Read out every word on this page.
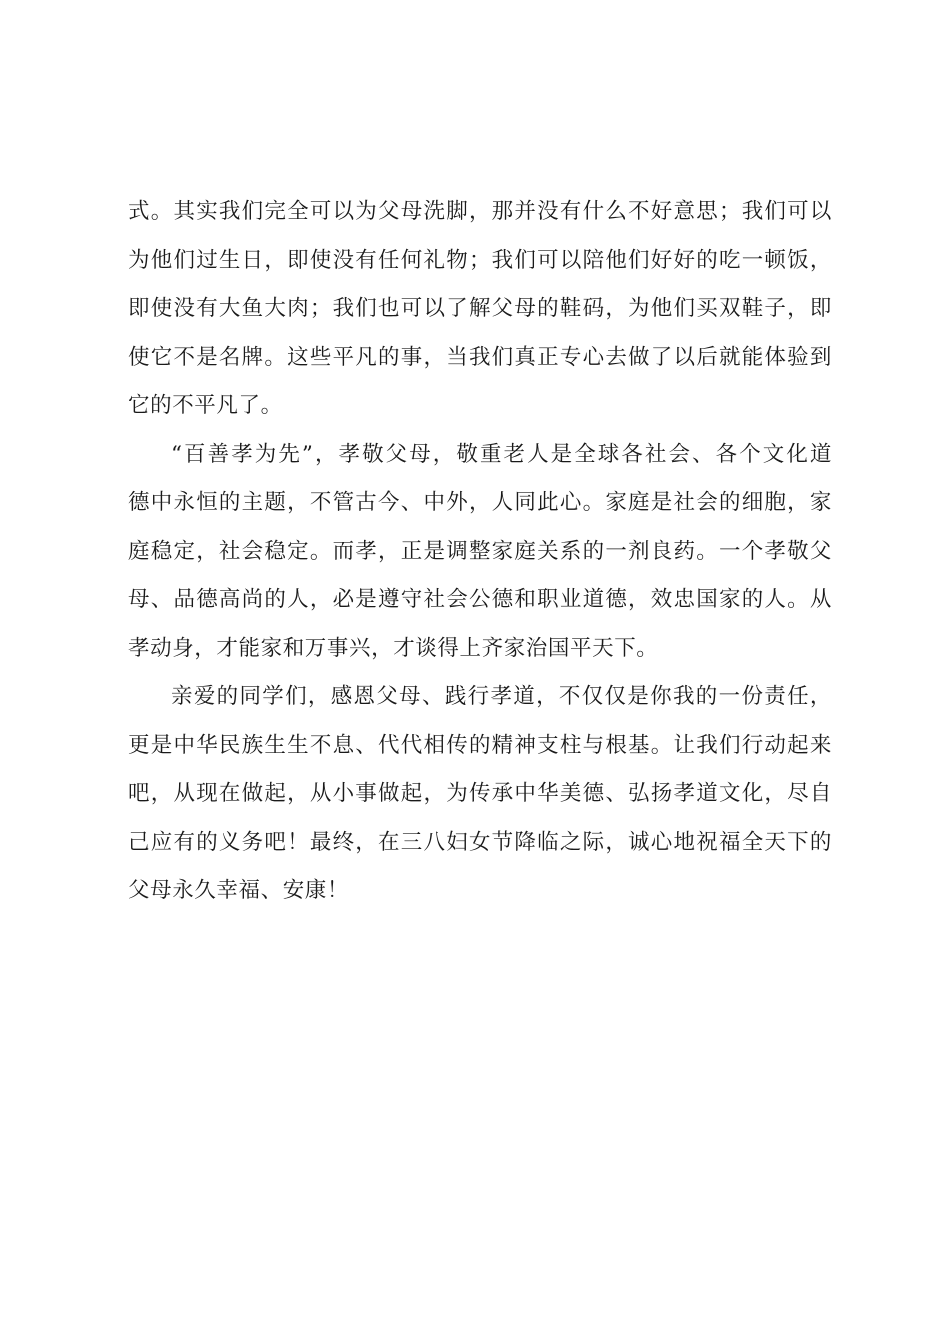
式。其实我们完全可以为父母洗脚，那并没有什么不好意思；我们可以
为他们过生日，即使没有任何礼物；我们可以陪他们好好的吃一顿饭，
即使没有大鱼大肉；我们也可以了解父母的鞋码，为他们买双鞋子，即
使它不是名牌。这些平凡的事，当我们真正专心去做了以后就能体验到
它的不平凡了。
“百善孝为先”，孝敬父母，敬重老人是全球各社会、各个文化道
德中永恒的主题，不管古今、中外，人同此心。家庭是社会的细胞，家
庭稳定，社会稳定。而孝，正是调整家庭关系的一剂良药。一个孝敬父
母、品德高尚的人，必是遵守社会公德和职业道德，效忠国家的人。从
孝动身，才能家和万事兴，才谈得上齐家治国平天下。
亲爱的同学们，感恩父母、践行孝道，不仅仅是你我的一份责任，
更是中华民族生生不息、代代相传的精神支柱与根基。让我们行动起来
吧，从现在做起，从小事做起，为传承中华美德、弘扬孝道文化，尽自
己应有的义务吧！最终，在三八妇女节降临之际，诚心地祝福全天下的
父母永久幸福、安康！
